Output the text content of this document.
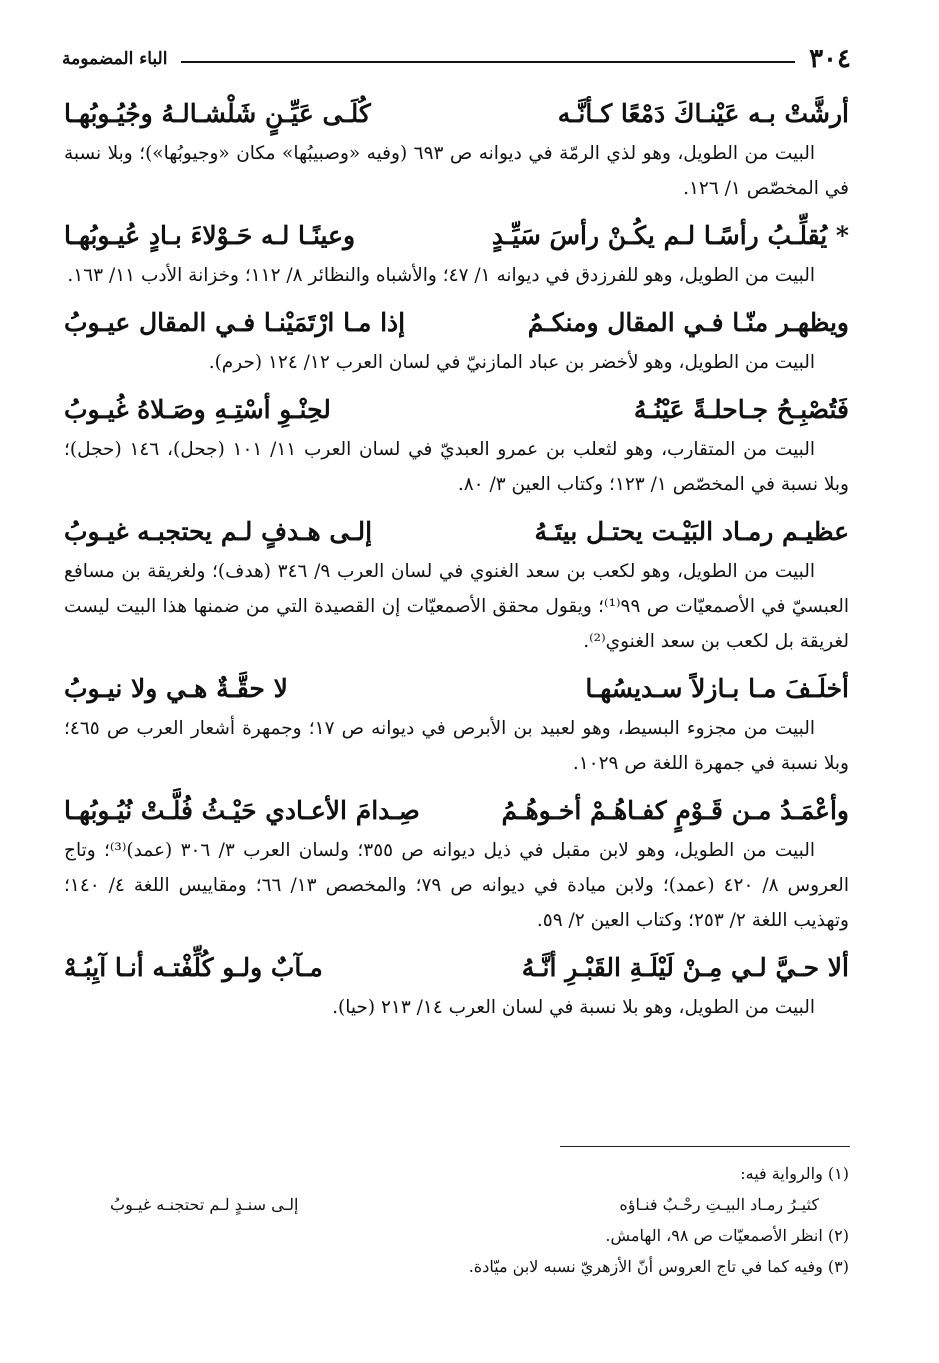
٣٠٤
الباء المضمومة
أرشَّتْ بـه عَيْنـاكَ دَمْعًا كـأنَّـه
كُلَـى عَيِّـنٍ شَلْشـالـهُ وجُيُـوبُهـا
البيت من الطويل، وهو لذي الرمّة في ديوانه ص ٦٩٣ (وفيه «وصبيبُها» مكان «وجيوبُها»)؛ وبلا نسبة في المخصّص ١/ ١٢٦.
* يُقلِّـبُ رأسًـا لـم يكُـنْ رأسَ سَيِّـدٍ
وعينًـا لـه حَـوْلاءَ بـادٍ عُيـوبُهـا
البيت من الطويل، وهو للفرزدق في ديوانه ١/ ٤٧؛ والأشباه والنظائر ٨/ ١١٢؛ وخزانة الأدب ١١/ ١٦٣.
ويظهـر منّـا فـي المقال ومنكـمُ
إذا مـا ارْتَمَيْنـا فـي المقال عيـوبُ
البيت من الطويل، وهو لأخضر بن عباد المازنيّ في لسان العرب ١٢/ ١٢٤ (حرم).
فَتُصْبِـحُ جـاحلـةً عَيْنُـهُ
لحِنْـوِ أسْتِـهِ وصَـلاهُ غُيـوبُ
البيت من المتقارب، وهو لثعلب بن عمرو العبديّ في لسان العرب ١١/ ١٠١ (جحل)، ١٤٦ (حجل)؛ وبلا نسبة في المخصّص ١/ ١٢٣؛ وكتاب العين ٣/ ٨٠.
عظيـم رمـاد البَيْـت يحتـل بيتَـهُ
إلـى هـدفٍ لـم يحتجبـه غيـوبُ
البيت من الطويل، وهو لكعب بن سعد الغنوي في لسان العرب ٩/ ٣٤٦ (هدف)؛ ولغريقة بن مسافع العبسيّ في الأصمعيّات ص ٩٩⁽¹⁾؛ ويقول محقق الأصمعيّات إن القصيدة التي من ضمنها هذا البيت ليست لغريقة بل لكعب بن سعد الغنوي⁽²⁾.
أخلَـفَ مـا بـازلاً سـديسُهـا
لا حقَّـةٌ هـي ولا نيـوبُ
البيت من مجزوء البسيط، وهو لعبيد بن الأبرص في ديوانه ص ١٧؛ وجمهرة أشعار العرب ص ٤٦٥؛ وبلا نسبة في جمهرة اللغة ص ١٠٢٩.
وأعْمَـدُ مـن قَـوْمٍ كفـاهُـمْ أخـوهُـمُ
صِـدامَ الأعـادي حَيْـثُ فُلَّـتْ نُيُـوبُهـا
البيت من الطويل، وهو لابن مقبل في ذيل ديوانه ص ٣٥٥؛ ولسان العرب ٣/ ٣٠٦ (عمد)⁽³⁾؛ وتاج العروس ٨/ ٤٢٠ (عمد)؛ ولابن ميادة في ديوانه ص ٧٩؛ والمخصص ١٣/ ٦٦؛ ومقاييس اللغة ٤/ ١٤٠؛ وتهذيب اللغة ٢/ ٢٥٣؛ وكتاب العين ٢/ ٥٩.
ألا حـيَّ لـي مِـنْ لَيْلَـةِ القَبْـرِ أنَّـهُ
مـآبٌ ولـو كُلِّفْتـه أنـا آيِبُـهْ
البيت من الطويل، وهو بلا نسبة في لسان العرب ١٤/ ٢١٣ (حيا).
(١) والرواية فيه:
كثيـرُ رمـاد البيـتِ رحْـبٌ فنـاؤه
إلـى سنـدٍ لـم تحتجنـه غيـوبُ
(٢) انظر الأصمعيّات ص ٩٨، الهامش.
(٣) وفيه كما في تاج العروس أنّ الأزهريّ نسبه لابن ميّادة.
